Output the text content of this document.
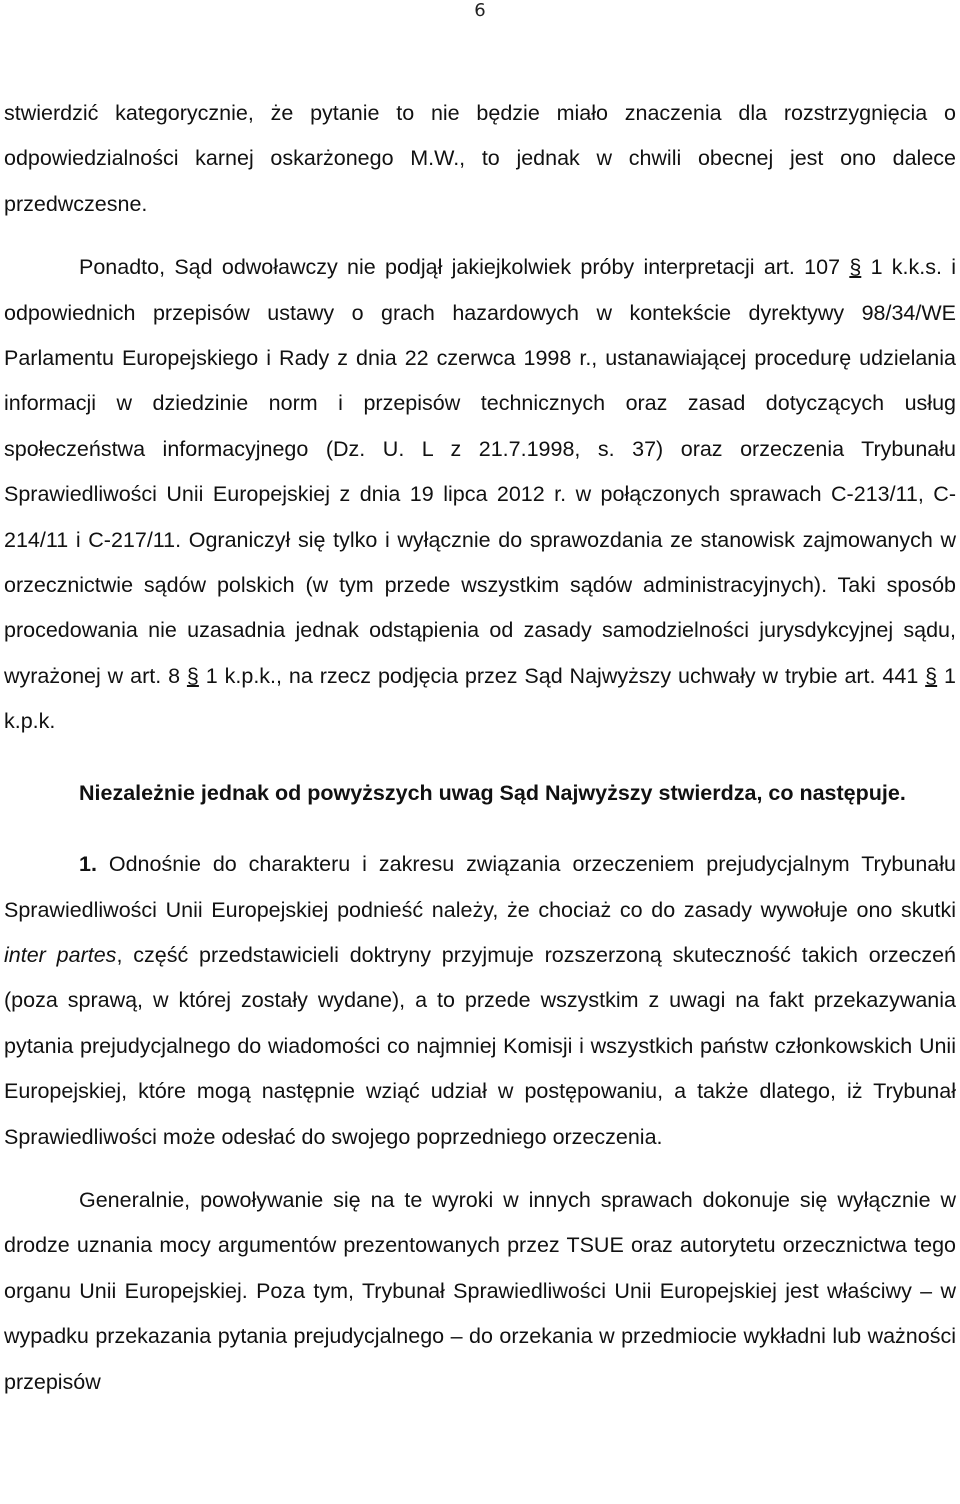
6

stwierdzić kategorycznie, że pytanie to nie będzie miało znaczenia dla rozstrzygnięcia o odpowiedzialności karnej oskarżonego M.W., to jednak w chwili obecnej jest ono dalece przedwczesne.

Ponadto, Sąd odwoławczy nie podjął jakiejkolwiek próby interpretacji art. 107 § 1 k.k.s. i odpowiednich przepisów ustawy o grach hazardowych w kontekście dyrektywy 98/34/WE Parlamentu Europejskiego i Rady z dnia 22 czerwca 1998 r., ustanawiającej procedurę udzielania informacji w dziedzinie norm i przepisów technicznych oraz zasad dotyczących usług społeczeństwa informacyjnego (Dz. U. L z 21.7.1998, s. 37) oraz orzeczenia Trybunału Sprawiedliwości Unii Europejskiej z dnia 19 lipca 2012 r. w połączonych sprawach C-213/11, C-214/11 i C-217/11. Ograniczył się tylko i wyłącznie do sprawozdania ze stanowisk zajmowanych w orzecznictwie sądów polskich (w tym przede wszystkim sądów administracyjnych). Taki sposób procedowania nie uzasadnia jednak odstąpienia od zasady samodzielności jurysdykcyjnej sądu, wyrażonej w art. 8 § 1 k.p.k., na rzecz podjęcia przez Sąd Najwyższy uchwały w trybie art. 441 § 1 k.p.k.

Niezależnie jednak od powyższych uwag Sąd Najwyższy stwierdza, co następuje.

1. Odnośnie do charakteru i zakresu związania orzeczeniem prejudycjalnym Trybunału Sprawiedliwości Unii Europejskiej podnieść należy, że chociaż co do zasady wywołuje ono skutki inter partes, część przedstawicieli doktryny przyjmuje rozszerzoną skuteczność takich orzeczeń (poza sprawą, w której zostały wydane), a to przede wszystkim z uwagi na fakt przekazywania pytania prejudycjalnego do wiadomości co najmniej Komisji i wszystkich państw członkowskich Unii Europejskiej, które mogą następnie wziąć udział w postępowaniu, a także dlatego, iż Trybunał Sprawiedliwości może odesłać do swojego poprzedniego orzeczenia.

Generalnie, powoływanie się na te wyroki w innych sprawach dokonuje się wyłącznie w drodze uznania mocy argumentów prezentowanych przez TSUE oraz autorytetu orzecznictwa tego organu Unii Europejskiej. Poza tym, Trybunał Sprawiedliwości Unii Europejskiej jest właściwy – w wypadku przekazania pytania prejudycjalnego – do orzekania w przedmiocie wykładni lub ważności przepisów
